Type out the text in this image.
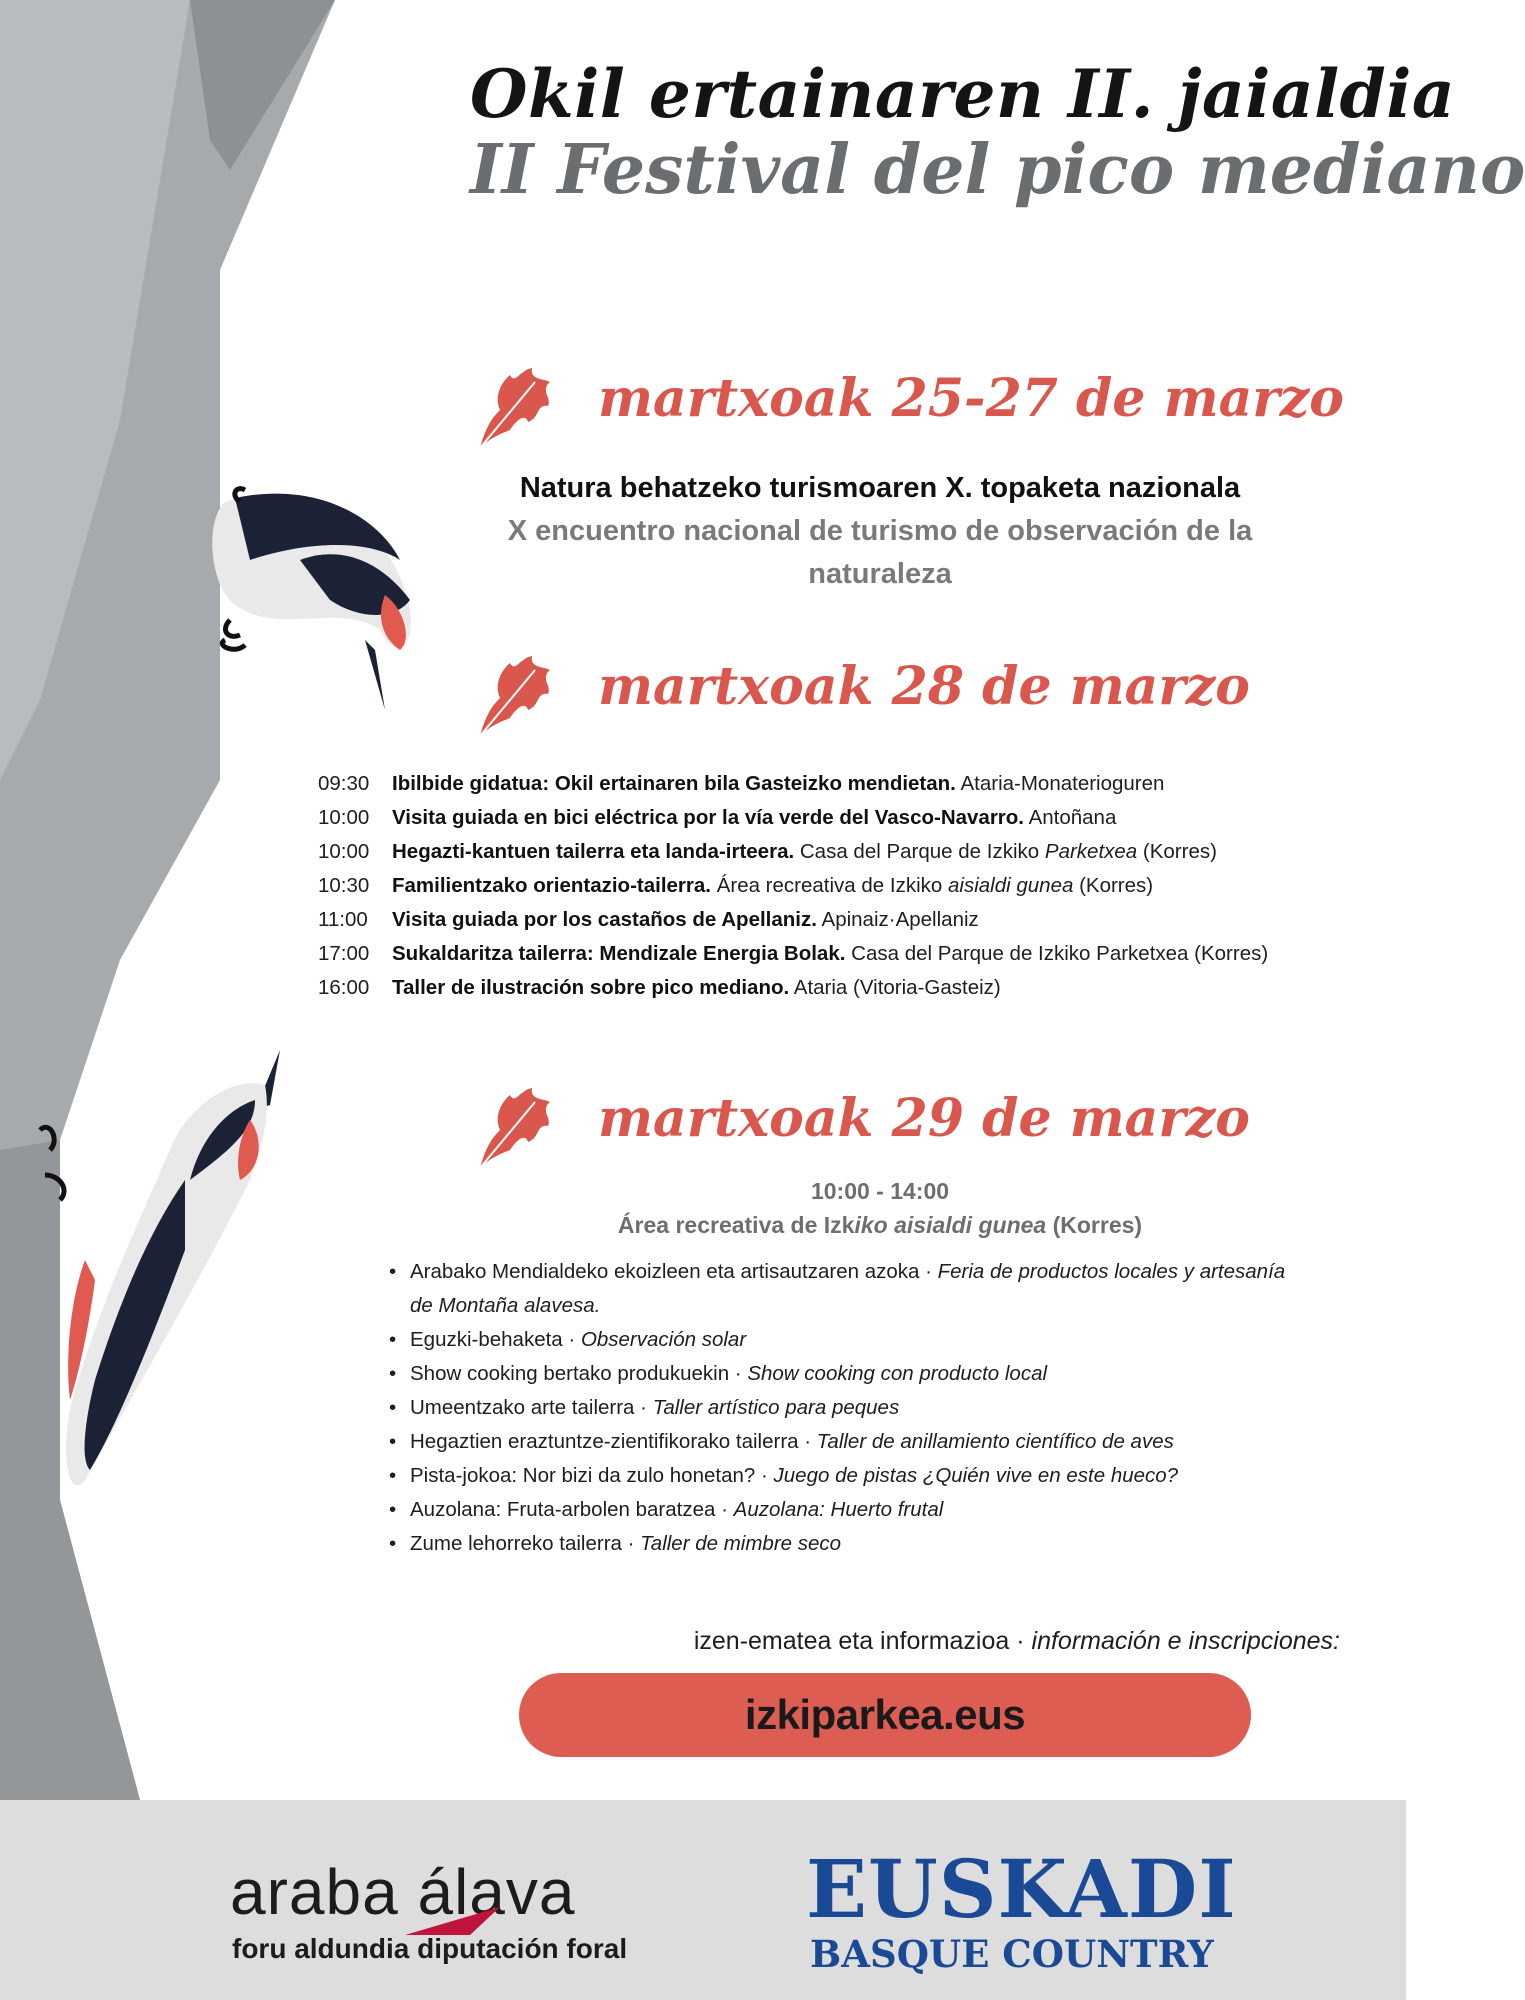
Okil ertainaren II. jaialdia
II Festival del pico mediano
martxoak 25-27 de marzo

Natura behatzeko turismoaren X. topaketa nazionala

X encuentro nacional de turismo de observación de la naturaleza

martxoak 28 de marzo
09:30 Ibilbide gidatua: Okil ertainaren bila Gasteizko mendietan. Ataria-Monaterioguren
10:00 Visita guiada en bici eléctrica por la vía verde del Vasco-Navarro. Antoñana
10:00 Hegazti-kantuen tailerra eta landa-irteera. Casa del Parque de Izkiko Parketxea (Korres)
10:30 Familientzako orientazio-tailerra. Área recreativa de Izkiko aisialdi gunea (Korres)
11:00 Visita guiada por los castaños de Apellaniz. Apinaiz·Apellaniz
17:00 Sukaldaritza tailerra: Mendizale Energia Bolak. Casa del Parque de Izkiko Parketxea (Korres)
16:00 Taller de ilustración sobre pico mediano. Ataria (Vitoria-Gasteiz)
martxoak 29 de marzo
10:00 - 14:00
Área recreativa de Izkiko aisialdi gunea (Korres)
• Arabako Mendialdeko ekoizleen eta artisautzaren azoka · Feria de productos locales y artesanía de Montaña alavesa.
• Eguzki-behaketa · Observación solar
• Show cooking bertako produkuekin · Show cooking con producto local
• Umeentzako arte tailerra · Taller artístico para peques
• Hegaztien eraztuntze-zientifikorako tailerra · Taller de anillamiento científico de aves
• Pista-jokoa: Nor bizi da zulo honetan? · Juego de pistas ¿Quién vive en este hueco?
• Auzolana: Fruta-arbolen baratzea · Auzolana: Huerto frutal
• Zume lehorreko tailerra · Taller de mimbre seco
izen-ematea eta informazioa · información e inscripciones:
izkiparkea.eus
araba álava
foru aldundia diputación foral
EUSKADI
BASQUE COUNTRY
